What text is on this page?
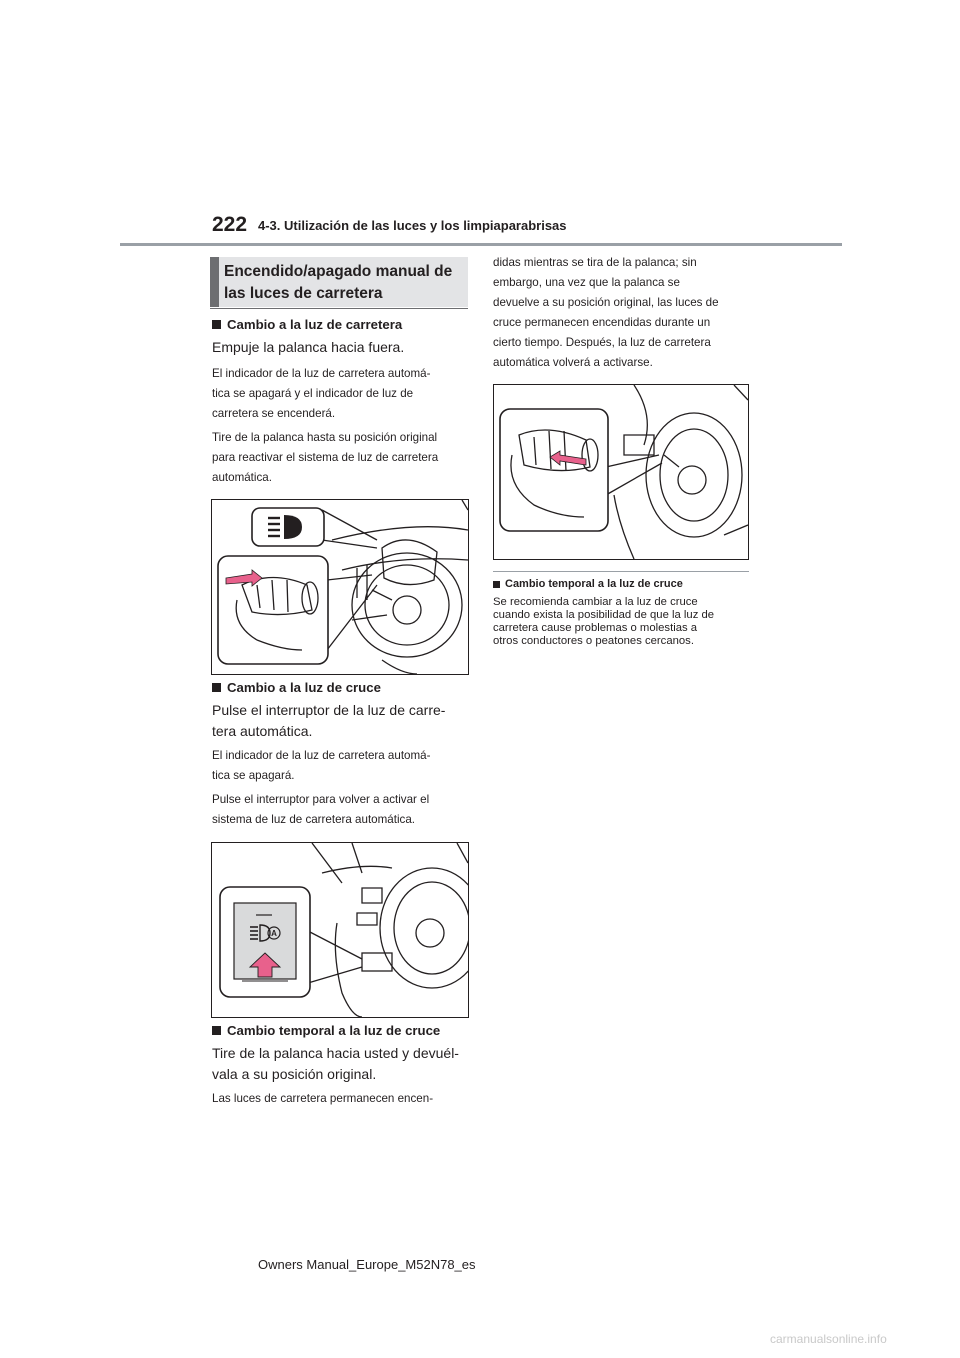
222 4-3. Utilización de las luces y los limpiaparabrisas
Encendido/apagado manual de las luces de carretera
Cambio a la luz de carretera
Empuje la palanca hacia fuera.
El indicador de la luz de carretera automá-
tica se apagará y el indicador de luz de
carretera se encenderá.
Tire de la palanca hasta su posición original
para reactivar el sistema de luz de carretera
automática.
Cambio a la luz de cruce
Pulse el interruptor de la luz de carre-
tera automática.
El indicador de la luz de carretera automá-
tica se apagará.
Pulse el interruptor para volver a activar el
sistema de luz de carretera automática.
A
Cambio temporal a la luz de cruce
Tire de la palanca hacia usted y devuél-
vala a su posición original.
Las luces de carretera permanecen encen-
didas mientras se tira de la palanca; sin
embargo, una vez que la palanca se
devuelve a su posición original, las luces de
cruce permanecen encendidas durante un
cierto tiempo. Después, la luz de carretera
automática volverá a activarse.
Cambio temporal a la luz de cruce
Se recomienda cambiar a la luz de cruce
cuando exista la posibilidad de que la luz de
carretera cause problemas o molestias a
otros conductores o peatones cercanos.
Owners Manual_Europe_M52N78_es
carmanualsonline.info
